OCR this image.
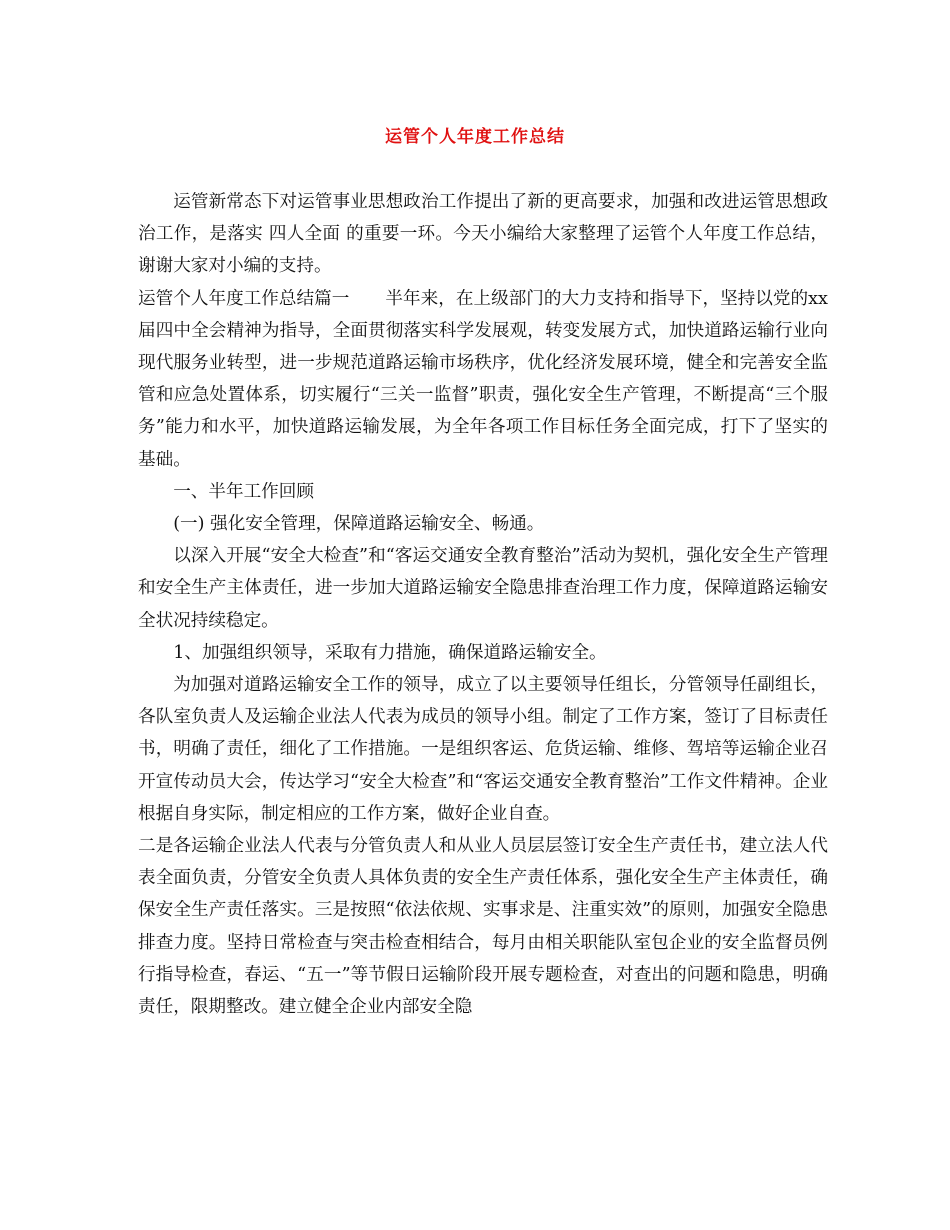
运管个人年度工作总结

运管新常态下对运管事业思想政治工作提出了新的更高要求，加强和改进运管思想政治工作，是落实 四人全面 的重要一环。今天小编给大家整理了运管个人年度工作总结，谢谢大家对小编的支持。

运管个人年度工作总结篇一 半年来，在上级部门的大力支持和指导下，坚持以党的xx届四中全会精神为指导，全面贯彻落实科学发展观，转变发展方式，加快道路运输行业向现代服务业转型，进一步规范道路运输市场秩序，优化经济发展环境，健全和完善安全监管和应急处置体系，切实履行“三关一监督”职责，强化安全生产管理，不断提高“三个服务”能力和水平，加快道路运输发展，为全年各项工作目标任务全面完成，打下了坚实的基础。

一、半年工作回顾

(一) 强化安全管理，保障道路运输安全、畅通。

以深入开展“安全大检查”和“客运交通安全教育整治”活动为契机，强化安全生产管理和安全生产主体责任，进一步加大道路运输安全隐患排查治理工作力度，保障道路运输安全状况持续稳定。

1、加强组织领导，采取有力措施，确保道路运输安全。

为加强对道路运输安全工作的领导，成立了以主要领导任组长，分管领导任副组长，各队室负责人及运输企业法人代表为成员的领导小组。制定了工作方案，签订了目标责任书，明确了责任，细化了工作措施。一是组织客运、危货运输、维修、驾培等运输企业召开宣传动员大会，传达学习“安全大检查”和“客运交通安全教育整治”工作文件精神。企业根据自身实际，制定相应的工作方案，做好企业自查。

二是各运输企业法人代表与分管负责人和从业人员层层签订安全生产责任书，建立法人代表全面负责，分管安全负责人具体负责的安全生产责任体系，强化安全生产主体责任，确保安全生产责任落实。三是按照“依法依规、实事求是、注重实效”的原则，加强安全隐患排查力度。坚持日常检查与突击检查相结合，每月由相关职能队室包企业的安全监督员例行指导检查，春运、“五一”等节假日运输阶段开展专题检查，对查出的问题和隐患，明确责任，限期整改。建立健全企业内部安全隐
